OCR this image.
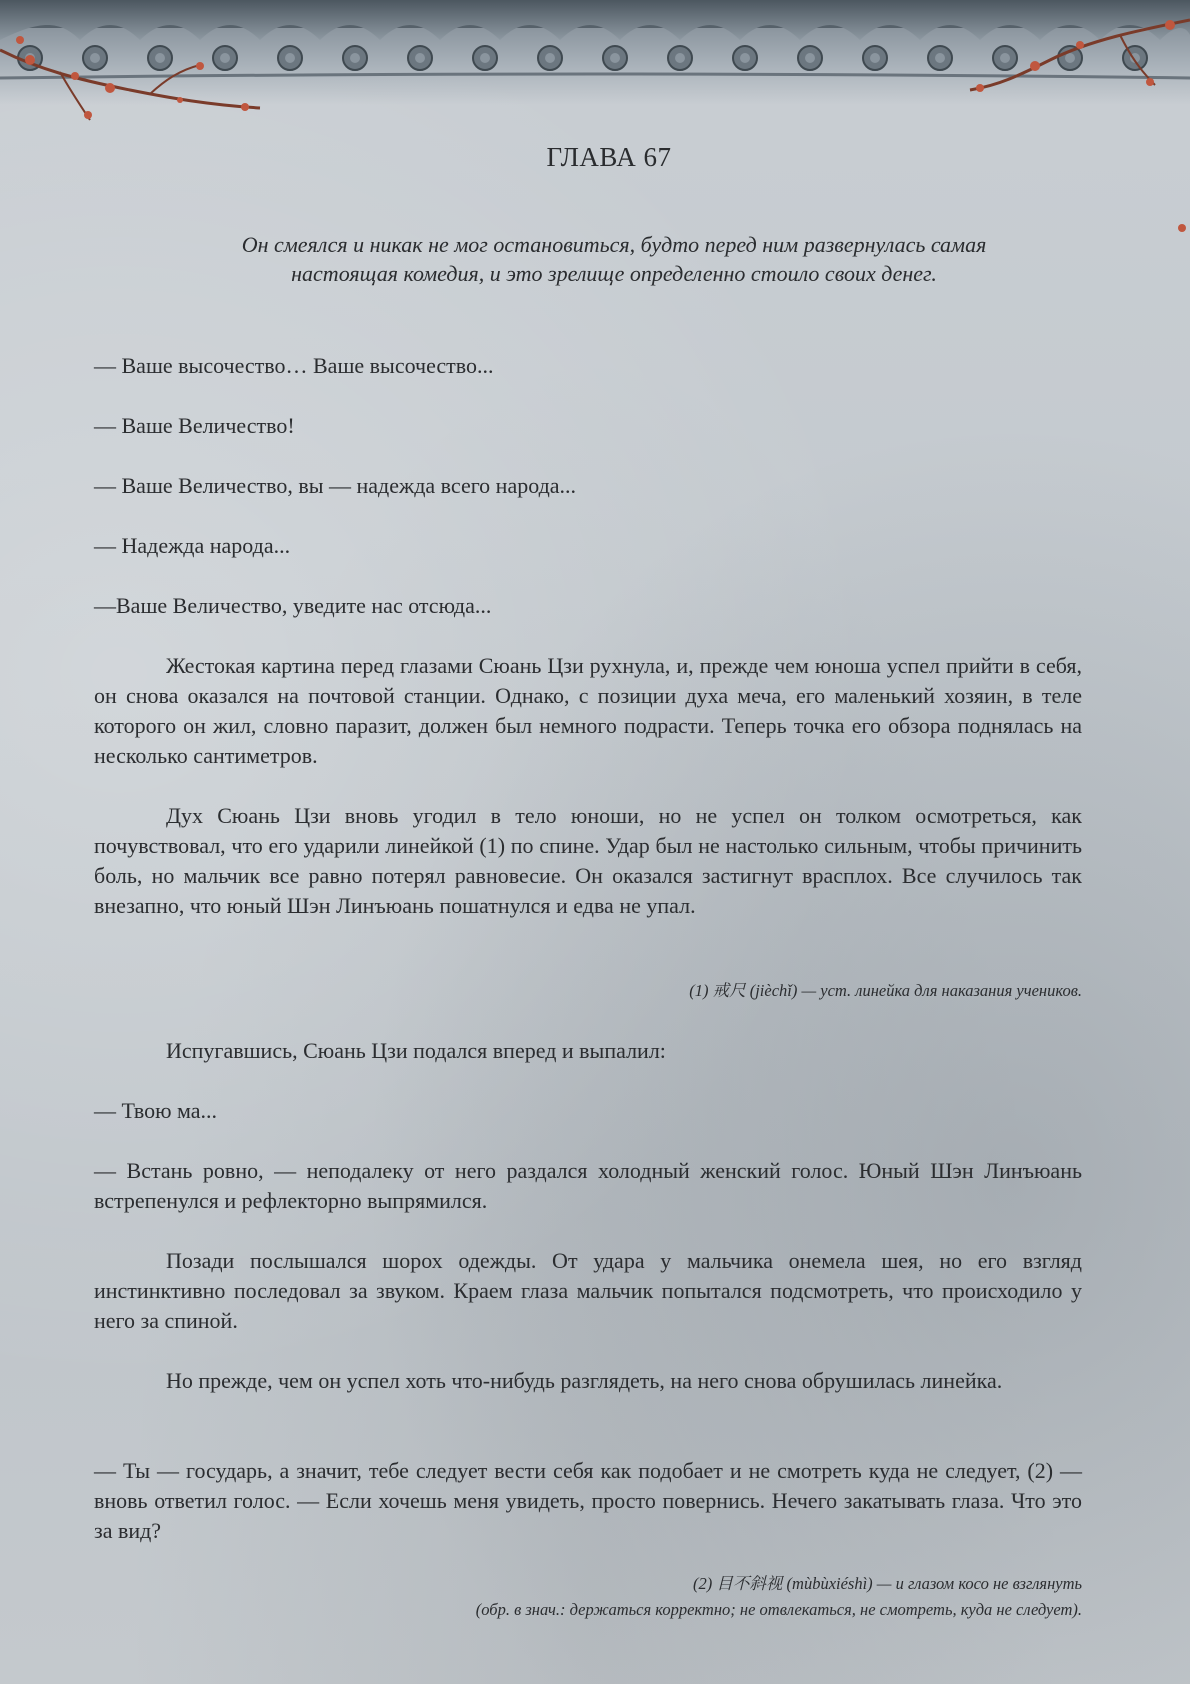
ГЛАВА 67
Он смеялся и никак не мог остановиться, будто перед ним развернулась самая
настоящая комедия, и это зрелище определенно стоило своих денег.

— Ваше высочество… Ваше высочество...

— Ваше Величество!

— Ваше Величество, вы — надежда всего народа...

— Надежда народа...

—Ваше Величество, уведите нас отсюда...

Жестокая картина перед глазами Сюань Цзи рухнула, и, прежде чем юноша успел прийти в себя, он снова оказался на почтовой станции. Однако, с позиции духа меча, его маленький хозяин, в теле которого он жил, словно паразит, должен был немного подрасти. Теперь точка его обзора поднялась на несколько сантиметров.

Дух Сюань Цзи вновь угодил в тело юноши, но не успел он толком осмотреться, как почувствовал, что его ударили линейкой (1) по спине. Удар был не настолько сильным, чтобы причинить боль, но мальчик все равно потерял равновесие. Он оказался застигнут врасплох. Все случилось так внезапно, что юный Шэн Линъюань пошатнулся и едва не упал.

(1) 戒尺 (jièchǐ) — уст. линейка для наказания учеников.

Испугавшись, Сюань Цзи подался вперед и выпалил:

— Твою ма...

— Встань ровно, — неподалеку от него раздался холодный женский голос. Юный Шэн Линъюань встрепенулся и рефлекторно выпрямился.

Позади послышался шорох одежды. От удара у мальчика онемела шея, но его взгляд инстинктивно последовал за звуком. Краем глаза мальчик попытался подсмотреть, что происходило у него за спиной.

Но прежде, чем он успел хоть что-нибудь разглядеть, на него снова обрушилась линейка.

— Ты — государь, а значит, тебе следует вести себя как подобает и не смотреть куда не следует, (2) — вновь ответил голос. — Если хочешь меня увидеть, просто повернись. Нечего закатывать глаза. Что это за вид?

(2) 目不斜视 (mùbùxiéshì) — и глазом косо не взглянуть
(обр. в знач.: держаться корректно; не отвлекаться, не смотреть, куда не следует).
